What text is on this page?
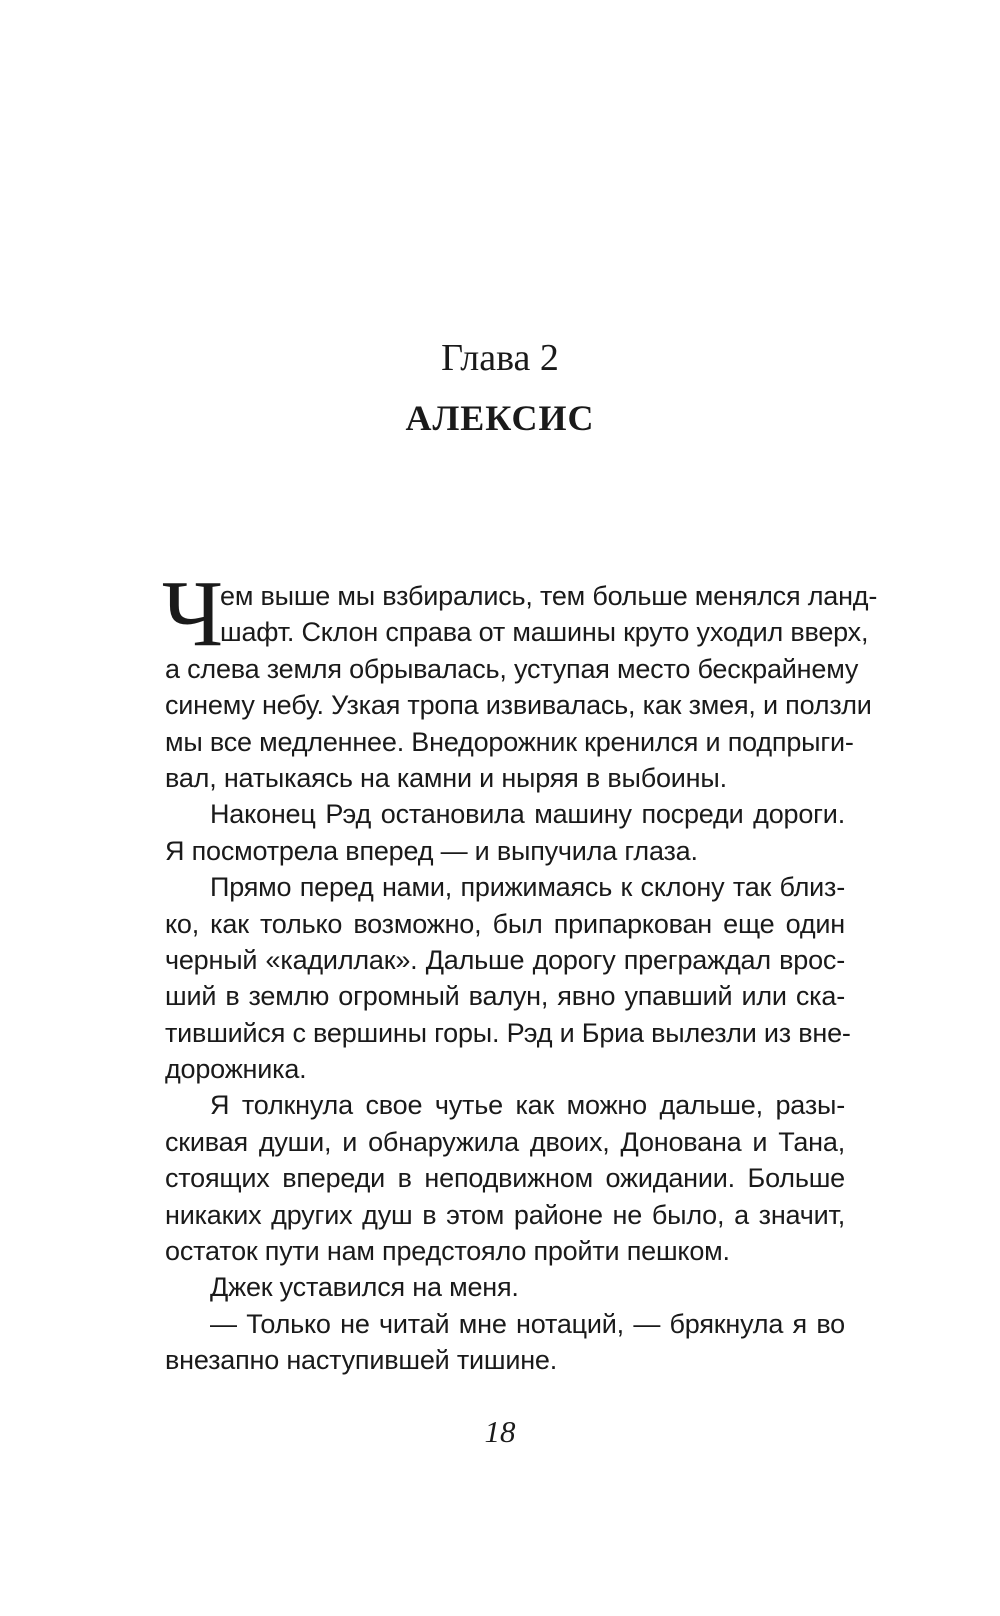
Глава 2
АЛЕКСИС
Ч
ем выше мы взбирались, тем больше менялся ланд-
шафт. Склон справа от машины круто уходил вверх,
а слева земля обрывалась, уступая место бескрайнему
синему небу. Узкая тропа извивалась, как змея, и ползли
мы все медленнее. Внедорожник кренился и подпрыги-
вал, натыкаясь на камни и ныряя в выбоины.
Наконец Рэд остановила машину посреди дороги.
Я посмотрела вперед — и выпучила глаза.
Прямо перед нами, прижимаясь к склону так близ-
ко, как только возможно, был припаркован еще один
черный «кадиллак». Дальше дорогу преграждал врос-
ший в землю огромный валун, явно упавший или ска-
тившийся с вершины горы. Рэд и Бриа вылезли из вне-
дорожника.
Я толкнула свое чутье как можно дальше, разы-
скивая души, и обнаружила двоих, Донована и Тана,
стоящих впереди в неподвижном ожидании. Больше
никаких других душ в этом районе не было, а значит,
остаток пути нам предстояло пройти пешком.
Джек уставился на меня.
— Только не читай мне нотаций, — брякнула я во
внезапно наступившей тишине.
18
